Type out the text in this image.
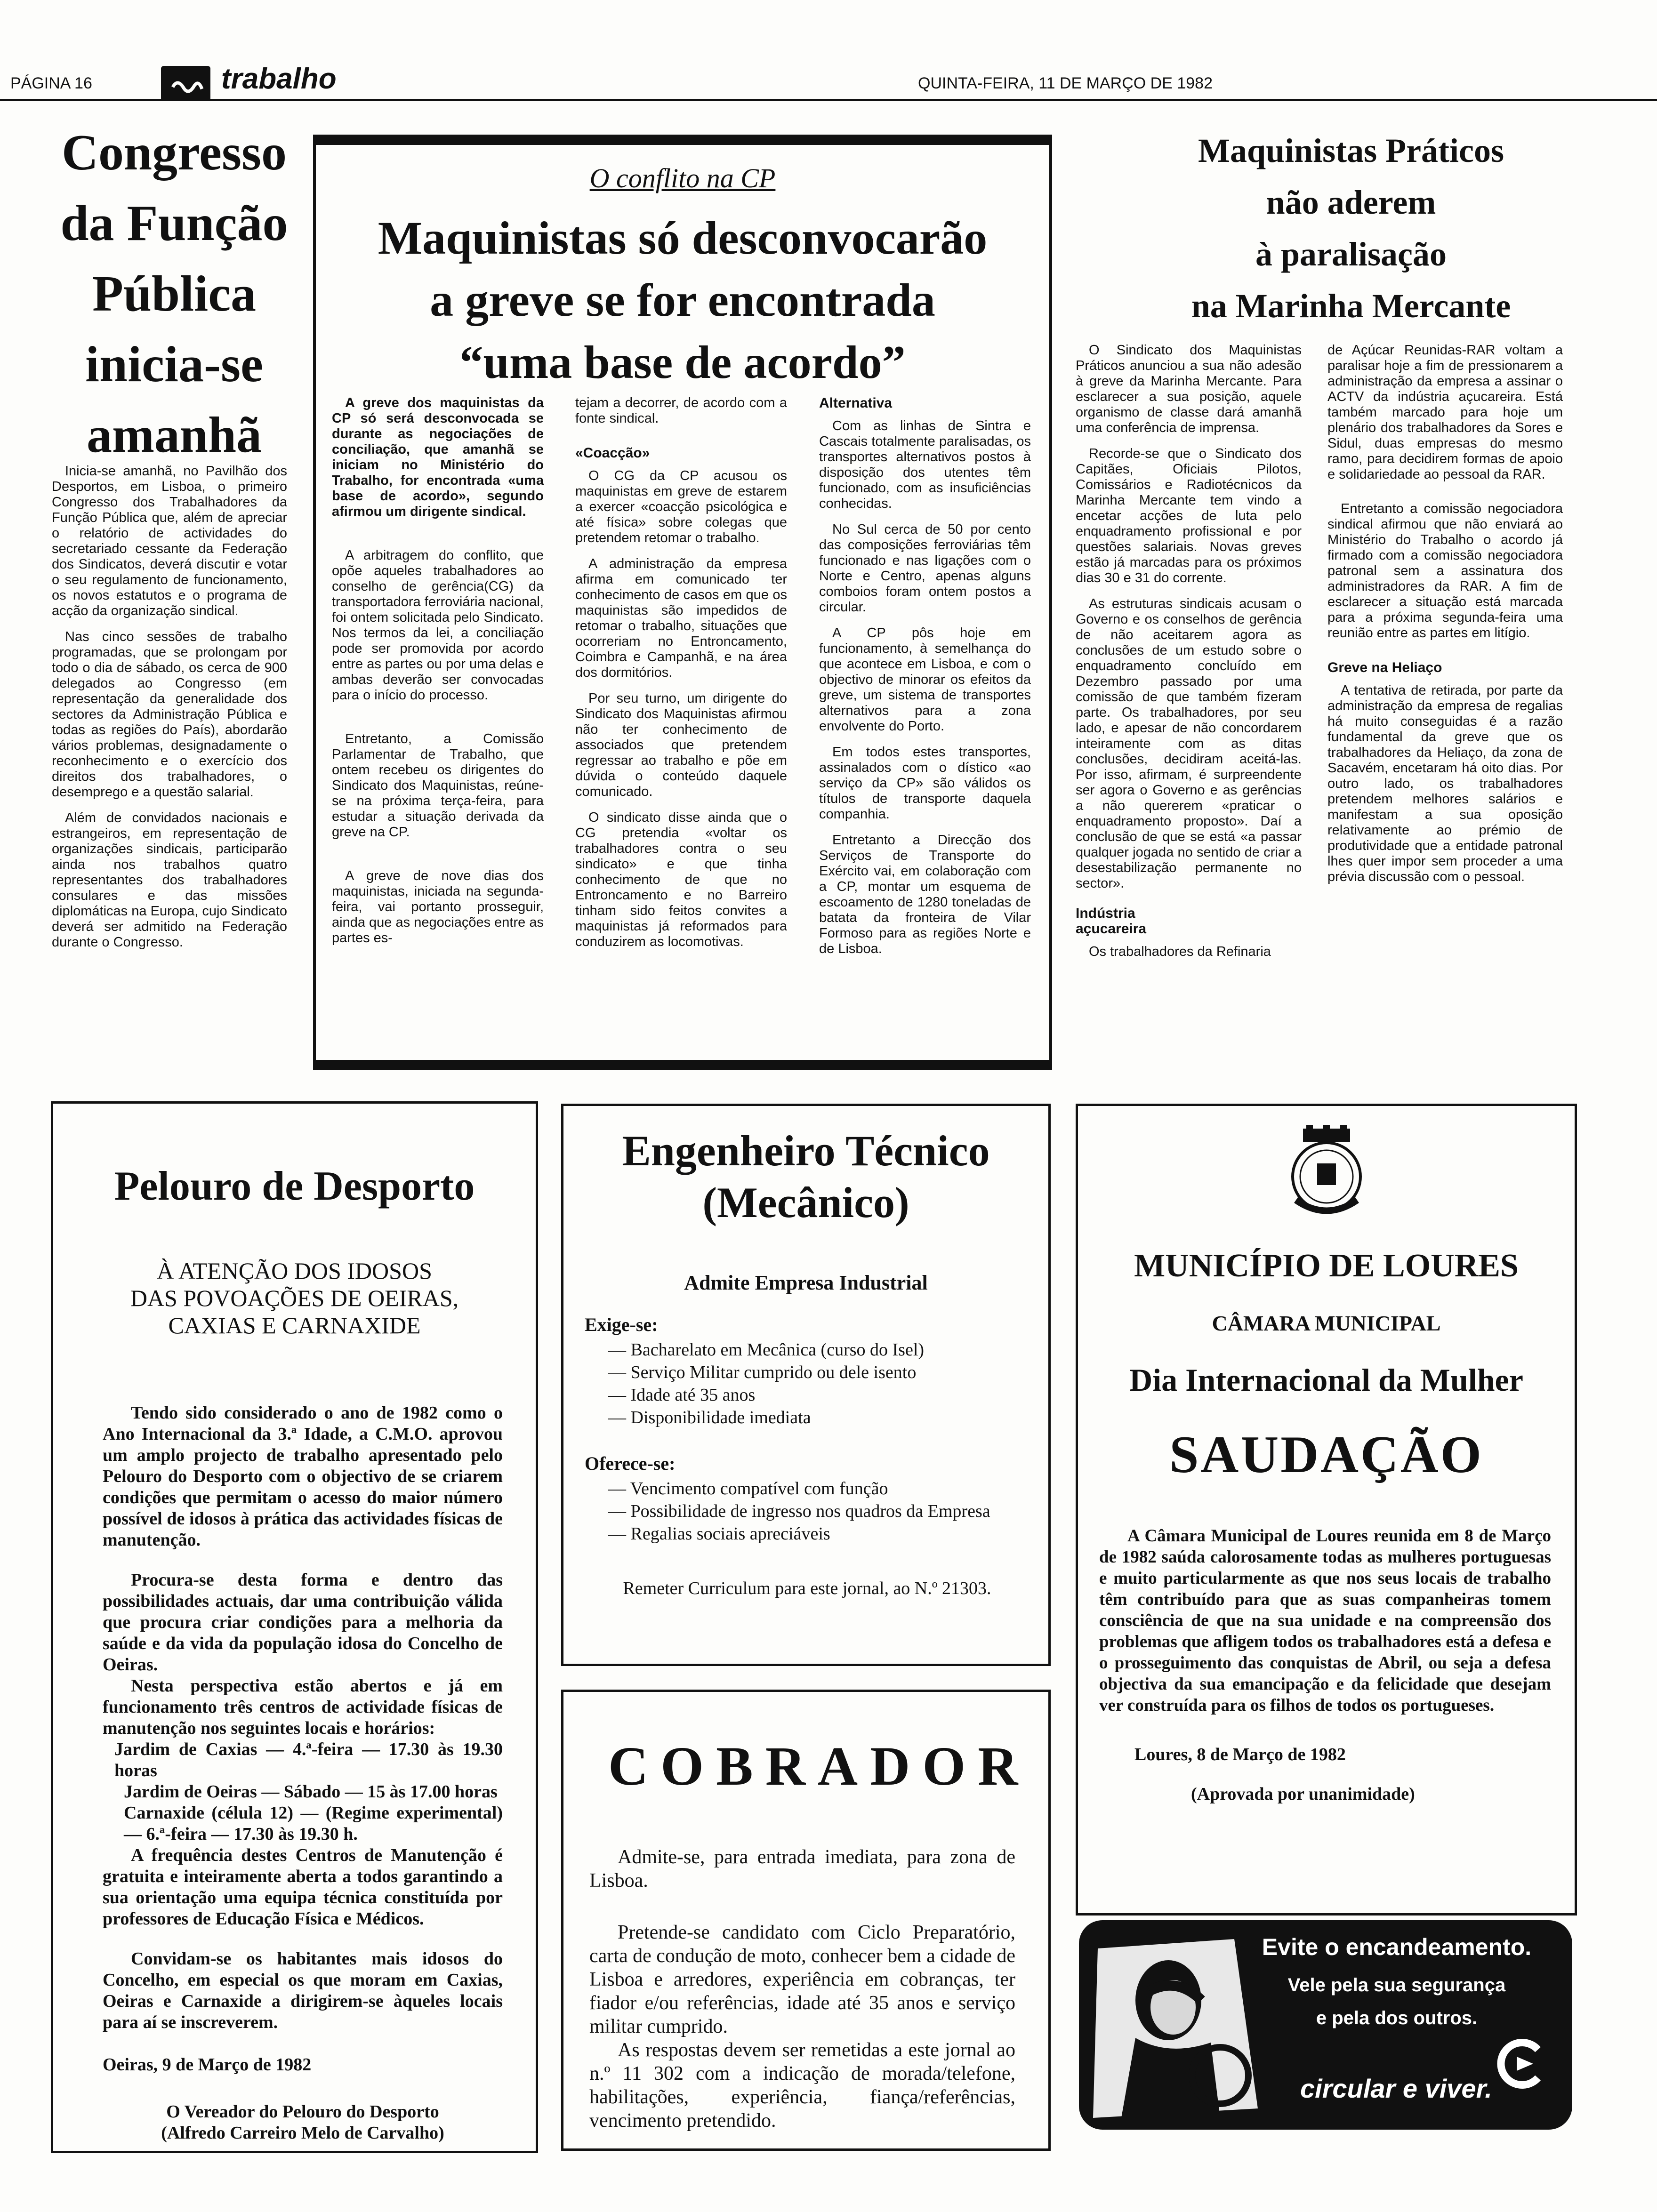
PÁGINA 16	trabalho	QUINTA-FEIRA, 11 DE MARÇO DE 1982
Congresso
da Função
Pública
inicia-se
amanhã

Inicia-se amanhã, no Pavilhão dos Desportos, em Lisboa, o primeiro Congresso dos Trabalhadores da Função Pública que, além de apreciar o relatório de actividades do secretariado cessante da Federação dos Sindicatos, deverá discutir e votar o seu regulamento de funcionamento, os novos estatutos e o programa de acção da organização sindical.

Nas cinco sessões de trabalho programadas, que se prolongam por todo o dia de sábado, os cerca de 900 delegados ao Congresso (em representação da generalidade dos sectores da Administração Pública e todas as regiões do País), abordarão vários problemas, designadamente o reconhecimento e o exercício dos direitos dos trabalhadores, o desemprego e a questão salarial.

Além de convidados nacionais e estrangeiros, em representação de organizações sindicais, participarão ainda nos trabalhos quatro representantes dos trabalhadores consulares e das missões diplomáticas na Europa, cujo Sindicato deverá ser admitido na Federação durante o Congresso.

O conflito na CP
Maquinistas só desconvocarão
a greve se for encontrada
“uma base de acordo”

A greve dos maquinistas da CP só será desconvocada se durante as negociações de conciliação, que amanhã se iniciam no Ministério do Trabalho, for encontrada «uma base de acordo», segundo afirmou um dirigente sindical.

A arbitragem do conflito, que opõe aqueles trabalhadores ao conselho de gerência(CG) da transportadora ferroviária nacional, foi ontem solicitada pelo Sindicato. Nos termos da lei, a conciliação pode ser promovida por acordo entre as partes ou por uma delas e ambas deverão ser convocadas para o início do processo.

Entretanto, a Comissão Parlamentar de Trabalho, que ontem recebeu os dirigentes do Sindicato dos Maquinistas, reúne-se na próxima terça-feira, para estudar a situação derivada da greve na CP.

A greve de nove dias dos maquinistas, iniciada na segunda-feira, vai portanto prosseguir, ainda que as negociações entre as partes es-

tejam a decorrer, de acordo com a fonte sindical.

«Coacção»

O CG da CP acusou os maquinistas em greve de estarem a exercer «coacção psicológica e até física» sobre colegas que pretendem retomar o trabalho.

A administração da empresa afirma em comunicado ter conhecimento de casos em que os maquinistas são impedidos de retomar o trabalho, situações que ocorreriam no Entroncamento, Coimbra e Campanhã, e na área dos dormitórios.

Por seu turno, um dirigente do Sindicato dos Maquinistas afirmou não ter conhecimento de associados que pretendem regressar ao trabalho e põe em dúvida o conteúdo daquele comunicado.

O sindicato disse ainda que o CG pretendia «voltar os trabalhadores contra o seu sindicato» e que tinha conhecimento de que no Entroncamento e no Barreiro tinham sido feitos convites a maquinistas já reformados para conduzirem as locomotivas.

Alternativa

Com as linhas de Sintra e Cascais totalmente paralisadas, os transportes alternativos postos à disposição dos utentes têm funcionado, com as insuficiências conhecidas.

No Sul cerca de 50 por cento das composições ferroviárias têm funcionado e nas ligações com o Norte e Centro, apenas alguns comboios foram ontem postos a circular.

A CP pôs hoje em funcionamento, à semelhança do que acontece em Lisboa, e com o objectivo de minorar os efeitos da greve, um sistema de transportes alternativos para a zona envolvente do Porto.

Em todos estes transportes, assinalados com o dístico «ao serviço da CP» são válidos os títulos de transporte daquela companhia.

Entretanto a Direcção dos Serviços de Transporte do Exército vai, em colaboração com a CP, montar um esquema de escoamento de 1280 toneladas de batata da fronteira de Vilar Formoso para as regiões Norte e de Lisboa.

Maquinistas Práticos
não aderem
à paralisação
na Marinha Mercante

O Sindicato dos Maquinistas Práticos anunciou a sua não adesão à greve da Marinha Mercante. Para esclarecer a sua posição, aquele organismo de classe dará amanhã uma conferência de imprensa.

Recorde-se que o Sindicato dos Capitães, Oficiais Pilotos, Comissários e Radiotécnicos da Marinha Mercante tem vindo a encetar acções de luta pelo enquadramento profissional e por questões salariais. Novas greves estão já marcadas para os próximos dias 30 e 31 do corrente.

As estruturas sindicais acusam o Governo e os conselhos de gerência de não aceitarem agora as conclusões de um estudo sobre o enquadramento concluído em Dezembro passado por uma comissão de que também fizeram parte. Os trabalhadores, por seu lado, e apesar de não concordarem inteiramente com as ditas conclusões, decidiram aceitá-las. Por isso, afirmam, é surpreendente ser agora o Governo e as gerências a não quererem «praticar o enquadramento proposto». Daí a conclusão de que se está «a passar qualquer jogada no sentido de criar a desestabilização permanente no sector».

Indústria açucareira

Os trabalhadores da Refinaria

de Açúcar Reunidas-RAR voltam a paralisar hoje a fim de pressionarem a administração da empresa a assinar o ACTV da indústria açucareira. Está também marcado para hoje um plenário dos trabalhadores da Sores e Sidul, duas empresas do mesmo ramo, para decidirem formas de apoio e solidariedade ao pessoal da RAR.

Entretanto a comissão negociadora sindical afirmou que não enviará ao Ministério do Trabalho o acordo já firmado com a comissão negociadora patronal sem a assinatura dos administradores da RAR. A fim de esclarecer a situação está marcada para a próxima segunda-feira uma reunião entre as partes em litígio.

Greve na Heliaço

A tentativa de retirada, por parte da administração da empresa de regalias há muito conseguidas é a razão fundamental da greve que os trabalhadores da Heliaço, da zona de Sacavém, encetaram há oito dias. Por outro lado, os trabalhadores pretendem melhores salários e manifestam a sua oposição relativamente ao prémio de produtividade que a entidade patronal lhes quer impor sem proceder a uma prévia discussão com o pessoal.

Pelouro de Desporto
À ATENÇÃO DOS IDOSOS
DAS POVOAÇÕES DE OEIRAS,
CAXIAS E CARNAXIDE

Tendo sido considerado o ano de 1982 como o Ano Internacional da 3.ª Idade, a C.M.O. aprovou um amplo projecto de trabalho apresentado pelo Pelouro do Desporto com o objectivo de se criarem condições que permitam o acesso do maior número possível de idosos à prática das actividades físicas de manutenção.

Procura-se desta forma e dentro das possibilidades actuais, dar uma contribuição válida que procura criar condições para a melhoria da saúde e da vida da população idosa do Concelho de Oeiras.

Nesta perspectiva estão abertos e já em funcionamento três centros de actividade físicas de manutenção nos seguintes locais e horários:

Jardim de Caxias — 4.ª-feira — 17.30 às 19.30 horas
Jardim de Oeiras — Sábado — 15 às 17.00 horas
Carnaxide (célula 12) — (Regime experimental) — 6.ª-feira — 17.30 às 19.30 h.

A frequência destes Centros de Manutenção é gratuita e inteiramente aberta a todos garantindo a sua orientação uma equipa técnica constituída por professores de Educação Física e Médicos.

Convidam-se os habitantes mais idosos do Concelho, em especial os que moram em Caxias, Oeiras e Carnaxide a dirigirem-se àqueles locais para aí se inscreverem.

Oeiras, 9 de Março de 1982

O Vereador do Pelouro do Desporto
(Alfredo Carreiro Melo de Carvalho)
Engenheiro Técnico
(Mecânico)
Admite Empresa Industrial
Exige-se:
— Bacharelato em Mecânica (curso do Isel)
— Serviço Militar cumprido ou dele isento
— Idade até 35 anos
— Disponibilidade imediata
Oferece-se:
— Vencimento compatível com função
— Possibilidade de ingresso nos quadros da Empresa
— Regalias sociais apreciáveis
Remeter Curriculum para este jornal, ao N.º 21303.
COBRADOR

Admite-se, para entrada imediata, para zona de Lisboa.

Pretende-se candidato com Ciclo Preparatório, carta de condução de moto, conhecer bem a cidade de Lisboa e arredores, experiência em cobranças, ter fiador e/ou referências, idade até 35 anos e serviço militar cumprido.

As respostas devem ser remetidas a este jornal ao n.º 11 302 com a indicação de morada/telefone, habilitações, experiência, fiança/referências, vencimento pretendido.

MUNICÍPIO DE LOURES
CÂMARA MUNICIPAL
Dia Internacional da Mulher
SAUDAÇÃO
A Câmara Municipal de Loures reunida em 8 de Março de 1982 saúda calorosamente todas as mulheres portuguesas e muito particularmente as que nos seus locais de trabalho têm contribuído para que as suas companheiras tomem consciência de que na sua unidade e na compreensão dos problemas que afligem todos os trabalhadores está a defesa e o prosseguimento das conquistas de Abril, ou seja a defesa objectiva da sua emancipação e da felicidade que desejam ver construída para os filhos de todos os portugueses.
Loures, 8 de Março de 1982
(Aprovada por unanimidade)
Evite o encandeamento.
Vele pela sua segurança
e pela dos outros.
circular e viver.
